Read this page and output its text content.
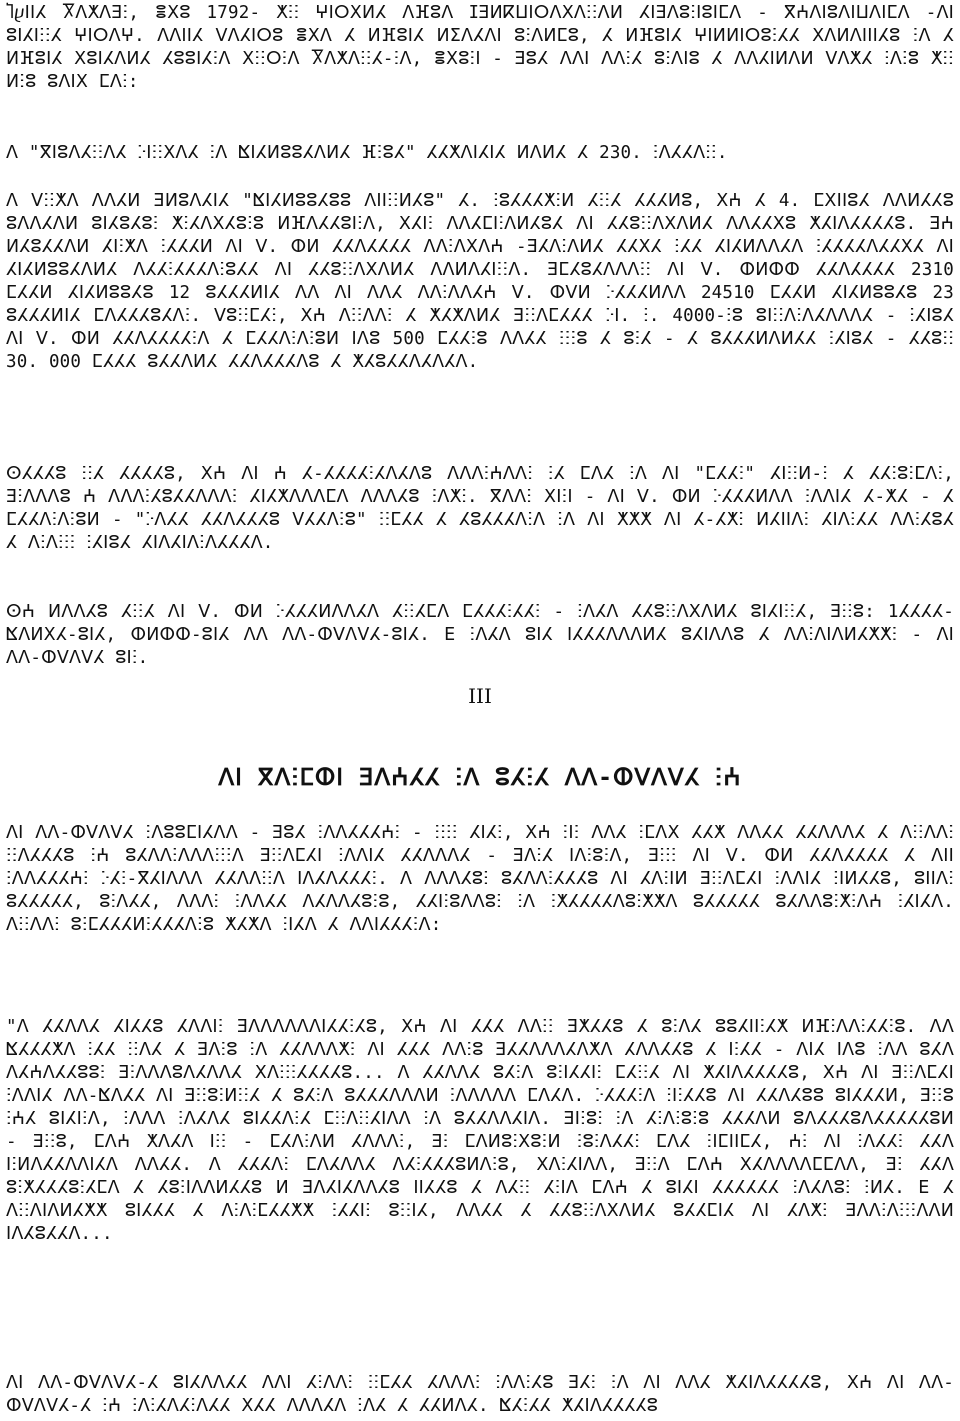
Ⴈⴞⵏⵏⵃ Ⴟⴷⵅⴷⴺⵗ, ⴻⵝⵓ 1792- ⵅⵗⵗ ⵖⵏⵔⵝⵍⵃ ⴷⴼⵓⴷ ⵊⴺⵍⴽⵡⵏⵔⴷⵝⴷⵗⵗⴷⵍ ⵃⵏⴺⴷⵓⵗⵏⵓⵏⵎⴷ - ⴳⵄⴷⵏⵓⴷⵏⵡⴷⵏⵎⴷ -ⴷⵏ ⵓⵏⵃⵏⵗⵗⵃ ⵖⵏⵔⴷⵖ. ⴷⴷⵏⵏⵃ ⴸⴷⵃⵏⵔⵓ ⴻⵝⴷ ⵃ ⵍⴼⵓⵏⵃ ⵍⵉⴷⵃⴷⵏ ⵓⵗⴷⵍⵎⵓ, ⵃ ⵍⴼⵓⵏⵃ ⵖⵏⵍⵍⵏⵔⵓⵗⵃⵃ ⵝⴷⵍⴷⵏⵏⵏⵃⵓ ⵗⴷ ⵃ ⵍⴼⵓⵏⵃ ⵝⵓⵏⵃⴷⵍⵃ ⵃⵓⵓⵏⵃⵗⴷ ⵝⵗⵗⵔⵗⴷ Ⴟⴷⵅⴷⵗⵗⵃ-ⵗⴷ, ⴻⵝⵓⵗⵏ - ⴺⵓⵃ ⴷⴷⵏ ⴷⴷⵗⵃ ⵓⵗⴷⵏⵓ ⵃ ⴷⴷⵃⵏⵍⴷⵍ ⴸⴷⵅⵃ ⵗⴷⵗⵓ ⵅⵗⵗ ⵍⵗⵓ ⵓⴷⵏⵝ ⵎⴷⵗ:
ⴷ "ⴳⵏⵓⴷⵃⵗⵗⴷⵃ ⴾⵏⵗⵗⵝⴷⵃ ⵗⴷ ⴿⵏⵃⵍⵓⵓⵃⴷⵍⵃ ⴼⵗⵓⵃ" ⵃⵃⵅⴷⵏⵃⵏⵃ ⵍⴷⵍⵃ ⵃ 230. ⵗⴷⵃⵃⴷⵗⵗ.
ⴷ ⴸⵗⵗⵅⴷ ⴷⴷⵃⵍ ⴺⵍⵓⴷⵃⵏⵃ "ⴿⵏⵃⵍⵓⵓⵃⵓⵓ ⴷⵏⵏⵗⵗⵍⵃⵓ" ⵃ. ⵗⵓⵃⵃⵃⵅⵗⵍ ⵃⵗⵗⵃ ⵃⵃⵃⵍⵓ, ⵝⵄ ⵃ 4. ⵎⵝⵏⵏⵓⵃ ⴷⴷⵍⵃⵃⵓ ⵓⴷⴷⵃⴷⵍ ⵓⵏⵃⵓⵃⵓⵗ ⵅⵗⵃⴷⵝⵃⵓⵗⵓ ⵍⴼⴷⵃⵃⵓⵏⵗⴷ, ⵝⵃⵏⵗ ⴷⴷⵃⵎⵏⵗⴷⵍⵃⵓⵃ ⴷⵏ ⵃⵃⵓⵗⵗⴷⵝⴷⵍⵃ ⴷⴷⵃⵃⵝⵓ ⵅⵃⵏⴷⵃⵃⵃⵃⵓ. ⴺⵄ ⵍⵃⵓⵃⵃⴷⵍ ⵃⵏⵗⵅⴷ ⵗⵃⵃⵃⵍ ⴷⵏ ⴸ. ⵀⵍ ⵃⵃⴷⵃⵃⵃⵃ ⴷⴷⵗⴷⵝⴷⵄ -ⴺⵃⴷⵗⴷⵍⵃ ⵃⵃⵝⵃ ⵗⵃⵃ ⵃⵏⵃⵍⴷⴷⵃⴷ ⵗⵃⵃⵃⵃⴷⵃⵃⵝⵃ ⴷⵏ ⵃⵏⵃⵍⵓⵓⵃⴷⵍⵃ ⴷⵃⵃⵗⵃⵃⵃⴷⵗⵓⵃⵃ ⴷⵏ ⵃⵃⵓⵗⵗⴷⵝⴷⵍⵃ ⴷⴷⵍⴷⵃⵏⵗⵗⴷ. ⴺⵎⵃⵓⵃⴷⴷⴷⵗⵗ ⴷⵏ ⴸ. ⵀⵍⵀⵀ ⵃⵃⴷⵃⵃⵃⵃ 2310 ⵎⵃⵃⵍ ⵃⵏⵃⵍⵓⵓⵃⵓ 12 ⵓⵃⵃⵃⵍⵏⵃ ⴷⴷ ⴷⵏ ⴷⴷⵃ ⴷⴷⵗⴷⴷⵃⵄ ⴸ. ⵀⴸⵍ ⴾⵃⵃⵃⵍⴷⴷ 24510 ⵎⵃⵃⵍ ⵃⵏⵃⵍⵓⵓⵃⵓ 23 ⵓⵃⵃⵃⵍⵏⵃ ⵎⴷⵃⵃⵃⵓⵃⴷⵗ. ⴸⵓⵗⵗⵎⵃⵗ, ⵝⵄ ⴷⵗⵗⴷⴷⵗ ⵃ ⵅⵃⵅⴷⵍⵃ ⴺⵗⵗⴷⵎⵃⵃⵃ ⴾⵏ. ⵗ. 4000-ⵗⵓ ⵓⵏⵗⵗⴷⵗⴷⵃⴷⴷⴷⵃ - ⵗⵃⵏⵓⵃ ⴷⵏ ⴸ. ⵀⵍ ⵃⵃⴷⵃⵃⵃⵃⵗⴷ ⵃ ⵎⵃⵃⴷⵗⴷⵗⵓⵍ ⵏⴷⵓ 500 ⵎⵃⵃⵗⵓ ⴷⴷⵃⵃ ⵗⵗⵗⵓ ⵃ ⵓⵗⵃ - ⵃ ⵓⵃⵃⵃⵍⴷⵍⵃⵃ ⵗⵃⵏⵓⵃ - ⵃⵃⵓⵗⵗ 30. 000 ⵎⵃⵃⵃ ⵓⵃⵃⴷⵍⵃ ⵃⵃⴷⵃⵃⵃⴷⵓ ⵃ ⵅⵃⵓⵃⵃⴷⵃⴷⵃⴷ.
ⵙⵃⵃⵃⵓ ⵗⵗⵃ ⵃⵃⵃⵃⵓ, ⵝⵄ ⴷⵏ ⵄ ⵃ-ⵃⵃⵃⵃⵗⵃⴷⵃⴷⵓ ⴷⴷⴷⵗⵄⴷⴷⵗ ⵗⵃ ⵎⴷⵃ ⵗⴷ ⴷⵏ "ⵎⵃⵃⵗ" ⵃⵏⵗⵗⵍ-ⵗ ⵃ ⵃⵃⵗⵓⵗⵎⴷⵗ, ⴺⵗⴷⴷⴷⵓ ⵄ ⴷⴷⴷⵗⵃⵓⵃⵃⴷⴷⴷⵗ ⵃⵏⵃⵅⴷⴷⴷⵎⴷ ⴷⴷⴷⵃⵓ ⵗⴷⵅⵗ. ⴳⴷⴷⵗ ⵝⵏⵗⵏ - ⴷⵏ ⴸ. ⵀⵍ ⴾⵃⵃⵃⵍⴷⴷ ⵗⴷⴷⵏⵃ ⵃ-ⵅⵃ - ⵃ ⵎⵃⵃⴷⵗⴷⵗⵓⵍ - "ⴾⴷⵃⵃ ⵃⵃⴷⵃⵃⵃⵓ ⴸⵃⵃⴷⵗⵓ" ⵗⵗⵎⵃⵃ ⵃ ⵃⵓⵃⵃⵃⴷⵗⴷ ⵗⴷ ⴷⵏ ⵅⵅⵅ ⴷⵏ ⵃ-ⵃⵅⵗ ⵍⵃⵏⵏⴷⵗ ⵃⵏⴷⵗⵃⵃ ⴷⴷⵗⵃⵓⵃ ⵃ ⴷⵗⴷⵗⵗⵗ ⵗⵃⵏⵓⵃ ⵃⵏⴷⵃⵏⴷⵗⴷⵃⵃⵃⴷ.
ⵙⵄ ⵍⴷⴷⵃⵓ ⵃⵗⵗⵃ ⴷⵏ ⴸ. ⵀⵍ ⴾⵃⵃⵃⵍⴷⴷⵃⴷ ⵃⵗⵗⵃⵎⴷ ⵎⵃⵃⵃⵗⵃⵃⵗ - ⵗⴷⵃⴷ ⵃⵃⵓⵗⵗⴷⵝⴷⵍⵃ ⵓⵏⵃⵏⵗⵗⵃ, ⴺⵗⵗⵓ: 1ⵃⵃⵃⵃ-ⴿⴷⵍⵝⵃ-ⵓⵏⵃ, ⵀⵍⵀⵀ-ⵓⵏⵃ ⴷⴷ ⴷⴷ-ⵀⴸⴷⴸⵃ-ⵓⵏⵃ. ⴹ ⵗⴷⵃⴷ ⵓⵏⵃ ⵏⵃⵃⵃⴷⴷⴷⵍⵃ ⵓⵃⵏⴷⴷⵓ ⵃ ⴷⴷⵗⴷⵏⴷⵍⵃⵅⵅⵗ - ⴷⵏ ⴷⴷ-ⵀⴸⴷⴸⵃ ⵓⵏⵗ.
III
ⴷⵏ ⴳⴷⵗⵎⵀⵏ ⴺⴷⵄⵃⵃ ⵗⴷ ⵓⵃⵗⵃ ⴷⴷ-ⵀⴸⴷⴸⵃ ⵗⵄ
ⴷⵏ ⴷⴷ-ⵀⴸⴷⴸⵃ ⵗⴷⵓⵓⵎⵏⵃⴷⴷ - ⴺⵓⵃ ⵗⴷⴷⵃⵃⵃⵄⵗ - ⵗⵗⵗⵗ ⵃⵏⵃⵗ, ⵝⵄ ⵗⵏⵗ ⴷⴷⵃ ⵗⵎⴷⵝ ⵃⵃⵅ ⴷⴷⵃⵃ ⵃⵃⴷⴷⴷⵃ ⵃ ⴷⵗⵗⴷⴷⵗ ⵗⵗⴷⵃⵃⵃⵓ ⵗⵄ ⵓⵃⴷⴷⵗⴷⴷⴷⵗⵗⵗⴷ ⴺⵗⵗⴷⵎⵃⵏ ⵗⴷⴷⵏⵃ ⵃⵃⴷⴷⴷⵃ - ⴺⴷⵗⵃ ⵏⴷⵗⵓⵗⴷ, ⴺⵗⵗⵗ ⴷⵏ ⴸ. ⵀⵍ ⵃⵃⴷⵃⵃⵃⵃ ⵃ ⴷⵏⵏ ⵗⴷⴷⵃⵃⵃⵄⵗ ⴾⵃⵗ-ⴳⵃⵏⴷⴷⴷ ⵃⵃⴷⴷⵗⵗⴷ ⵏⴷⵃⴷⵃⵃⵃⵗ. ⴷ ⴷⴷⴷⵃⵓⵗ ⵓⵃⴷⴷⵗⵃⵃⵃⵓ ⴷⵏ ⵃⴷⵗⵏⵍ ⴺⵗⵗⴷⵎⵃⵏ ⵗⴷⴷⵏⵃ ⵗⵏⵍⵃⵃⵓ, ⵓⵏⵏⴷⵗ ⵓⵃⵃⵃⵃⵃ, ⵓⵗⴷⵃⵃ, ⴷⴷⴷⵗ ⵗⴷⴷⵃⵃ ⴷⵃⴷⴷⵃⵓⵗⵓ, ⵃⵃⵏⵗⵓⴷⴷⵓⵗ ⵗⴷ ⵗⵅⵃⵃⵃⵃⴷⵓⵗⵅⵅⴷ ⵓⵃⵃⵃⵃⵃ ⵓⵃⴷⴷⵓⵗⵅⵗⴷⵄ ⵗⵃⵏⵃⴷ. ⴷⵗⵗⴷⴷⵗ ⵓⵗⵎⵃⵃⵃⵍⵗⵃⵃⵃⴷⵗⵓ ⵅⵃⵅⴷ ⵗⵏⵃⴷ ⵃ ⴷⴷⵏⵃⵃⵃⵗⴷ:
"ⴷ ⵃⵃⴷⴷⵃ ⵃⵏⵃⵃⵓ ⵃⴷⴷⵏⵗ ⴺⴷⴷⴷⴷⴷⴷⵏⵃⵃⵗⵃⵓ, ⵝⵄ ⴷⵏ ⵃⵃⵃ ⴷⴷⵗⵗ ⴺⵅⵃⵃⵓ ⵃ ⵓⵗⴷⵃ ⵓⵓⵃⵏⵏⵗⵃⵅ ⵍⴼⵗⴷⴷⵗⵃⵃⵗⵓ. ⴷⴷ ⴿⵃⵃⵃⵅⴷ ⵗⵃⵃ ⵗⵗⴷⵃ ⵃ ⴺⴷⵗⵓ ⵗⴷ ⵃⵃⴷⴷⴷⵅⵗ ⴷⵏ ⵃⵃⵃ ⴷⴷⵗⵓ ⴺⵃⵃⴷⴷⴷⵃⴷⵅⴷ ⵃⴷⴷⵃⵃⵓ ⵃ ⵏⵗⵃⵃ - ⴷⵏⵃ ⵏⴷⵓ ⵗⴷⴷ ⵓⵃⴷ ⴷⵃⵄⴷⵃⵃⵓⵓⵗ ⴺⵗⴷⴷⴷⵓⴷⵃⴷⴷⵃ ⵝⴷⵗⵗⵗⵃⵃⵃⵃⵓ... ⴷ ⵃⵃⴷⴷⵃ ⵓⵃⵗⴷ ⵓⵗⵏⵃⵃⵏⵗ ⵎⵃⵗⵗⵃ ⴷⵏ ⵅⵃⵏⴷⵃⵃⵃⵃⵓ, ⵝⵄ ⴷⵏ ⴺⵗⵗⴷⵎⵃⵏ ⵗⴷⴷⵏⵃ ⴷⴷ-ⴿⴷⵃⵃ ⴷⵏ ⴺⵗⵗⵓⵗⵍⵗⵗⵃ ⵃ ⵓⵃⵗⴷ ⵓⵃⵃⵃⴷⴷⴷⵍ ⵗⴷⴷⴷⴷⴷ ⵎⴷⵃⴷ. ⴾⵃⵃⵃⵗⴷ ⵗⵏⵗⵃⵃⵓ ⴷⵏ ⵃⵃⴷⵃⵓⵓ ⵓⵏⵃⵃⵃⵍ, ⴺⵗⵗⵓ ⵗⵄⵃ ⵓⵏⵃⵏⵗⴷ, ⵗⴷⴷⴷ ⵗⴷⵃⴷⵃ ⵓⵏⵃⵃⴷⵗⵃ ⵎⵗⵗⴷⵗⵗⵃⵏⴷⴷ ⵗⴷ ⵓⵃⵃⴷⴷⵃⵏⴷ. ⴺⵏⵗⵓⵗ ⵗⴷ ⵃⵗⴷⵗⵓⵗⵓ ⵃⵃⵃⴷⵍ ⵓⴷⵃⵃⵃⵓⴷⵃⵃⵃⵃⵃⵓⵍ - ⴺⵗⵗⵓ, ⵎⴷⵄ ⵅⴷⵃⴷ ⵏⵗⵗ - ⵎⵃⴷⵗⴷⵍ ⵃⴷⴷⴷⵗ, ⴺⵗ ⵎⴷⵍⵓⵗⵝⵓⵗⵍ ⵗⵓⵗⴷⵃⵃⵗ ⵎⴷⵃ ⵗⵏⵎⵏⵏⵎⵃ, ⵄⵗ ⴷⵏ ⵗⴷⵃⵃⵗ ⵃⵃⴷ ⵏⵗⵍⴷⵃⵃⴷⴷⵏⵃⴷ ⴷⴷⵃⵃ. ⴷ ⵃⵃⵃⴷⵗ ⵎⴷⵃⴷⴷⵃ ⴷⵃⵗⵃⵃⵃⵓⵍⴷⵗⵓ, ⵝⴷⵗⵃⵏⴷⴷ, ⴺⵗⵗⴷ ⵎⴷⵄ ⵝⵃⴷⴷⴷⴷⵎⵎⴷⴷ, ⴺⵗ ⵃⵃⴷ ⵓⵗⵅⵃⵃⵃⵓⵗⵃⵎⴷ ⵃ ⵃⵓⵗⵏⴷⴷⵍⵃⵃⵓ ⵍ ⴺⴷⵃⵏⵃⴷⴷⵃⵓ ⵏⵏⵃⵃⵓ ⵃ ⴷⵃⵗⵗ ⵃⵗⵏⴷ ⵎⴷⵄ ⵃ ⵓⵏⵃⵏ ⵃⵃⵃⵃⵃⵃ ⵗⴷⵃⴷⵓⵗ ⵗⵍⵃ. ⴹ ⵃ ⴷⵗⵗⴷⵏⴷⵍⵃⵅⵅ ⵓⵏⵃⵃⵃ ⵃ ⴷⵗⴷⵗⵎⵃⵃⵅⵅ ⵗⵃⵃⵏⵗ ⵓⵗⵗⵏⵃ, ⴷⴷⵃⵃ ⵃ ⵃⵃⵓⵗⵗⴷⵝⴷⵍⵃ ⵓⵃⵃⵎⵏⵃ ⴷⵏ ⵃⴷⵅⵗ ⴺⴷⴷⵗⴷⵗⵗⵗⴷⴷⵍ ⵏⴷⵃⵓⵃⵃⴷ...
ⴷⵏ ⴷⴷ-ⵀⴸⴷⴸⵃ-ⵃ ⵓⵏⵃⴷⴷⵃⵃ ⴷⴷⵏ ⵃⵗⴷⴷⵗ ⵗⵗⵎⵃⵃ ⵃⴷⴷⴷⵗ ⵗⴷⴷⵗⵃⵓ ⴺⵃⵗ ⵗⴷ ⴷⵏ ⴷⴷⵃ ⵅⵃⵏⴷⵃⵃⵃⵃⵓ, ⵝⵄ ⴷⵏ ⴷⴷ-ⵀⴸⴷⴸⵃ-ⵃ ⵗⵄ ⵗⴷⵗⵃⴷⵃⵗⴷⵃⵃ ⵝⵃⵃ ⴷⴷⴷⵃⴷ ⵗⴷⵃ ⵃ ⵃⵃⵍⴷⵃ. ⴿⵃⵗⵃⵃ ⵅⵃⵏⴷⵃⵃⵃⵃⵓ
